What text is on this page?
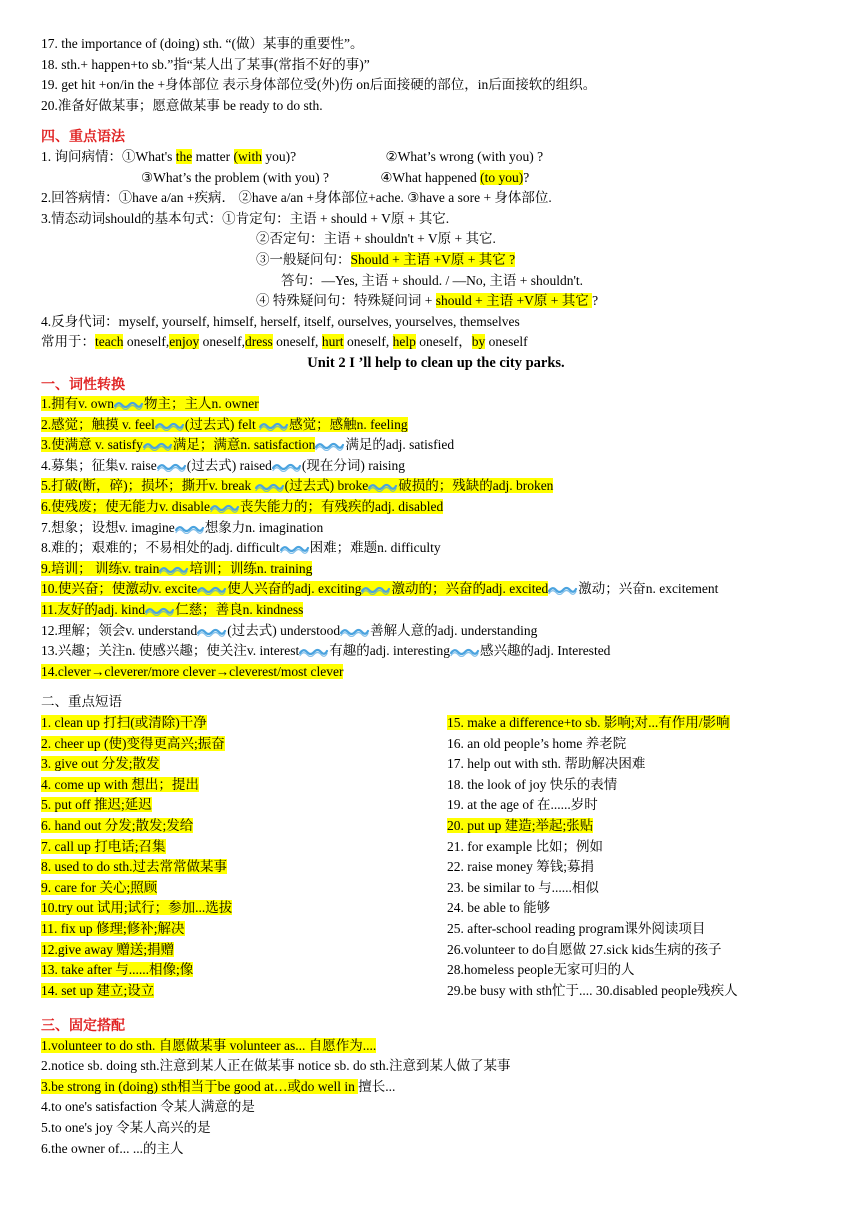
17. the importance of (doing) sth. “(做）某事的重要性”。
18. sth.+ happen+to sb.”指“某人出了某事(常指不好的事)”
19. get hit +on/in the +身体部位 表示身体部位受(外)伤 on后面接硬的部位，in后面接软的组织。
20.准备好做某事；愿意做某事 be ready to do sth.
四、重点语法
1. 询问病情：①What's the matter (with you)?	②What’s wrong (with you) ?
③What’s the problem (with you) ?	④What happened (to you)?
2.回答病情：①have a/an +疾病． ②have a/an +身体部位+ache. ③have a sore + 身体部位.
3.情态动词should的基本句式：①肯定句：主语 + should + V原 + 其它.
②否定句：主语 + shouldn't + V原 + 其它.
③一般疑问句：Should + 主语 +V原 + 其它 ?
答句：—Yes, 主语 + should. / —No, 主语 + shouldn't.
④ 特殊疑问句：特殊疑问词 + should + 主语 +V原 + 其它 ?
4.反身代词：myself, yourself, himself, herself, itself, ourselves, yourselves, themselves
常用于：teach oneself,enjoy oneself,dress oneself, hurt oneself, help oneself，by oneself
Unit 2 I ’ll help to clean up the city parks.
一、词性转换
1.拥有v. own 物主；主人n. owner
2.感觉；触摸 v. feel (过去式) felt
感觉；感触n. feeling
3.使满意 v. satisfy 满足；满意n. satisfaction 满足的adj. satisfied
4.募集；征集v. raise (过去式) raised (现在分词) raising
5.打破(断，碎)；损坏；撕开v. break
(过去式) broke 破损的；残缺的adj. broken
6.使残废；使无能力v. disable 丧失能力的；有残疾的adj. disabled
7.想象；设想v. imagine 想象力n. imagination
8.难的；艰难的；不易相处的adj. difficult 困难；难题n. difficulty
9.培训； 训练v. train 培训；训练n. training
10.使兴奋；使激动v. excite 使人兴奋的adj. exciting 激动的；兴奋的adj. excited 激动；兴奋n. excitement
11.友好的adj. kind 仁慈；善良n. kindness
12.理解；领会v. understand (过去式) understood 善解人意的adj. understanding
13.兴趣；关注n. 使感兴趣；使关注v. interest 有趣的adj. interesting 感兴趣的adj. Interested
14.clever→cleverer/more clever→cleverest/most clever
二、重点短语
1. clean up 打扫(或清除)干净
2. cheer up (使)变得更高兴;振奋
3. give out 分发;散发
4. come up with 想出；提出
5. put off 推迟;延迟
6. hand out 分发;散发;发给
7. call up 打电话;召集
8. used to do sth.过去常常做某事
9. care for 关心;照顾
10.try out 试用;试行；参加...选拔
11. fix up 修理;修补;解决
12.give away 赠送;捐赠
13. take after 与......相像;像
14. set up 建立;设立
15. make a difference+to sb. 影响;对...有作用/影响
16. an old people’s home 养老院
17. help out with sth. 帮助解决困难
18. the look of joy 快乐的表情
19. at the age of 在......岁时
20. put up 建造;举起;张贴
21. for example 比如；例如
22. raise money 筹钱;募捐
23. be similar to 与......相似
24. be able to 能够
25. after-school reading program课外阅读项目
26.volunteer to do自愿做 27.sick kids生病的孩子
28.homeless people无家可归的人
29.be busy with sth忙于.... 30.disabled people残疾人
三、固定搭配
1.volunteer to do sth. 自愿做某事 volunteer as... 自愿作为....
2.notice sb. doing sth.注意到某人正在做某事 notice sb. do sth.注意到某人做了某事
3.be strong in (doing) sth相当于be good at…或do well in 擅长...
4.to one's satisfaction 令某人满意的是
5.to one's joy 令某人高兴的是
6.the owner of... ...的主人
